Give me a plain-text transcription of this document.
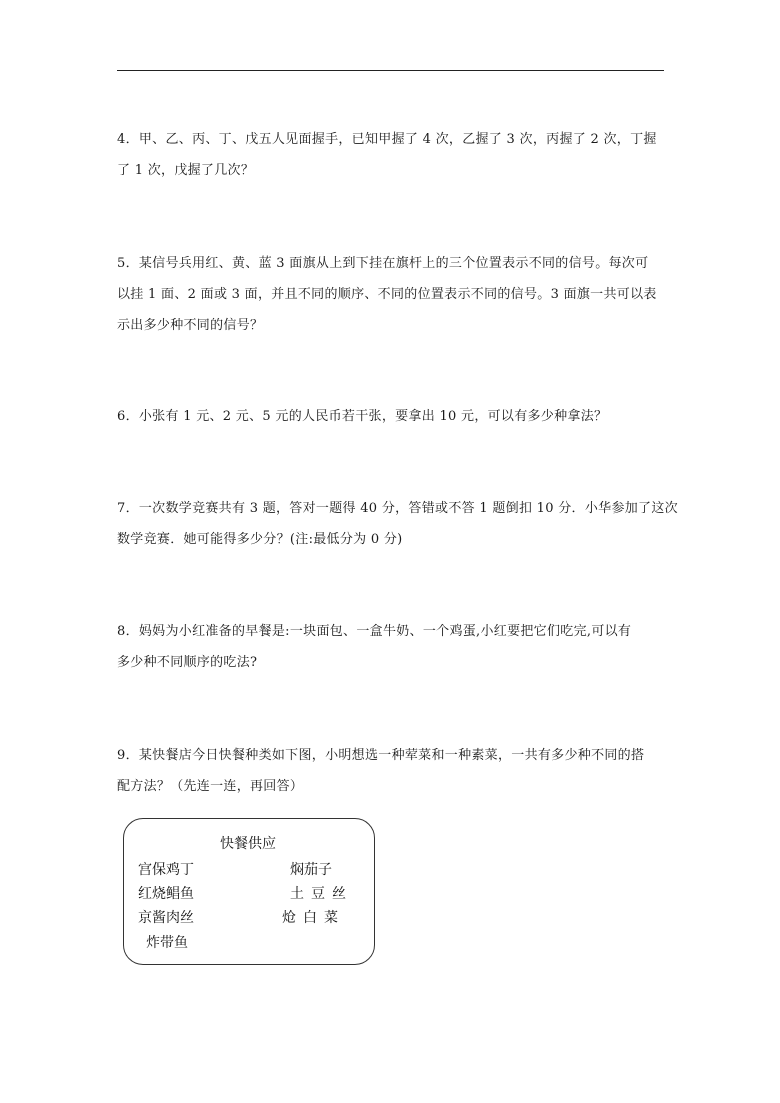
4．甲、乙、丙、丁、戊五人见面握手，已知甲握了 4 次，乙握了 3 次，丙握了 2 次，丁握
了 1 次，戊握了几次？
5．某信号兵用红、黄、蓝 3 面旗从上到下挂在旗杆上的三个位置表示不同的信号。每次可
以挂 1 面、2 面或 3 面，并且不同的顺序、不同的位置表示不同的信号。3 面旗一共可以表
示出多少种不同的信号？
6．小张有 1 元、2 元、5 元的人民币若干张，要拿出 10 元，可以有多少种拿法？
7．一次数学竞赛共有 3 题，答对一题得 40 分，答错或不答 1 题倒扣 10 分．小华参加了这次
数学竞赛．她可能得多少分？(注:最低分为 0 分)
8．妈妈为小红准备的早餐是:一块面包、一盒牛奶、一个鸡蛋,小红要把它们吃完,可以有
多少种不同顺序的吃法?
9．某快餐店今日快餐种类如下图，小明想选一种荤菜和一种素菜，一共有多少种不同的搭
配方法？（先连一连，再回答）
快餐供应
宫保鸡丁
红烧鲳鱼
京酱肉丝
炸带鱼
焖茄子
土豆丝
炝白菜
